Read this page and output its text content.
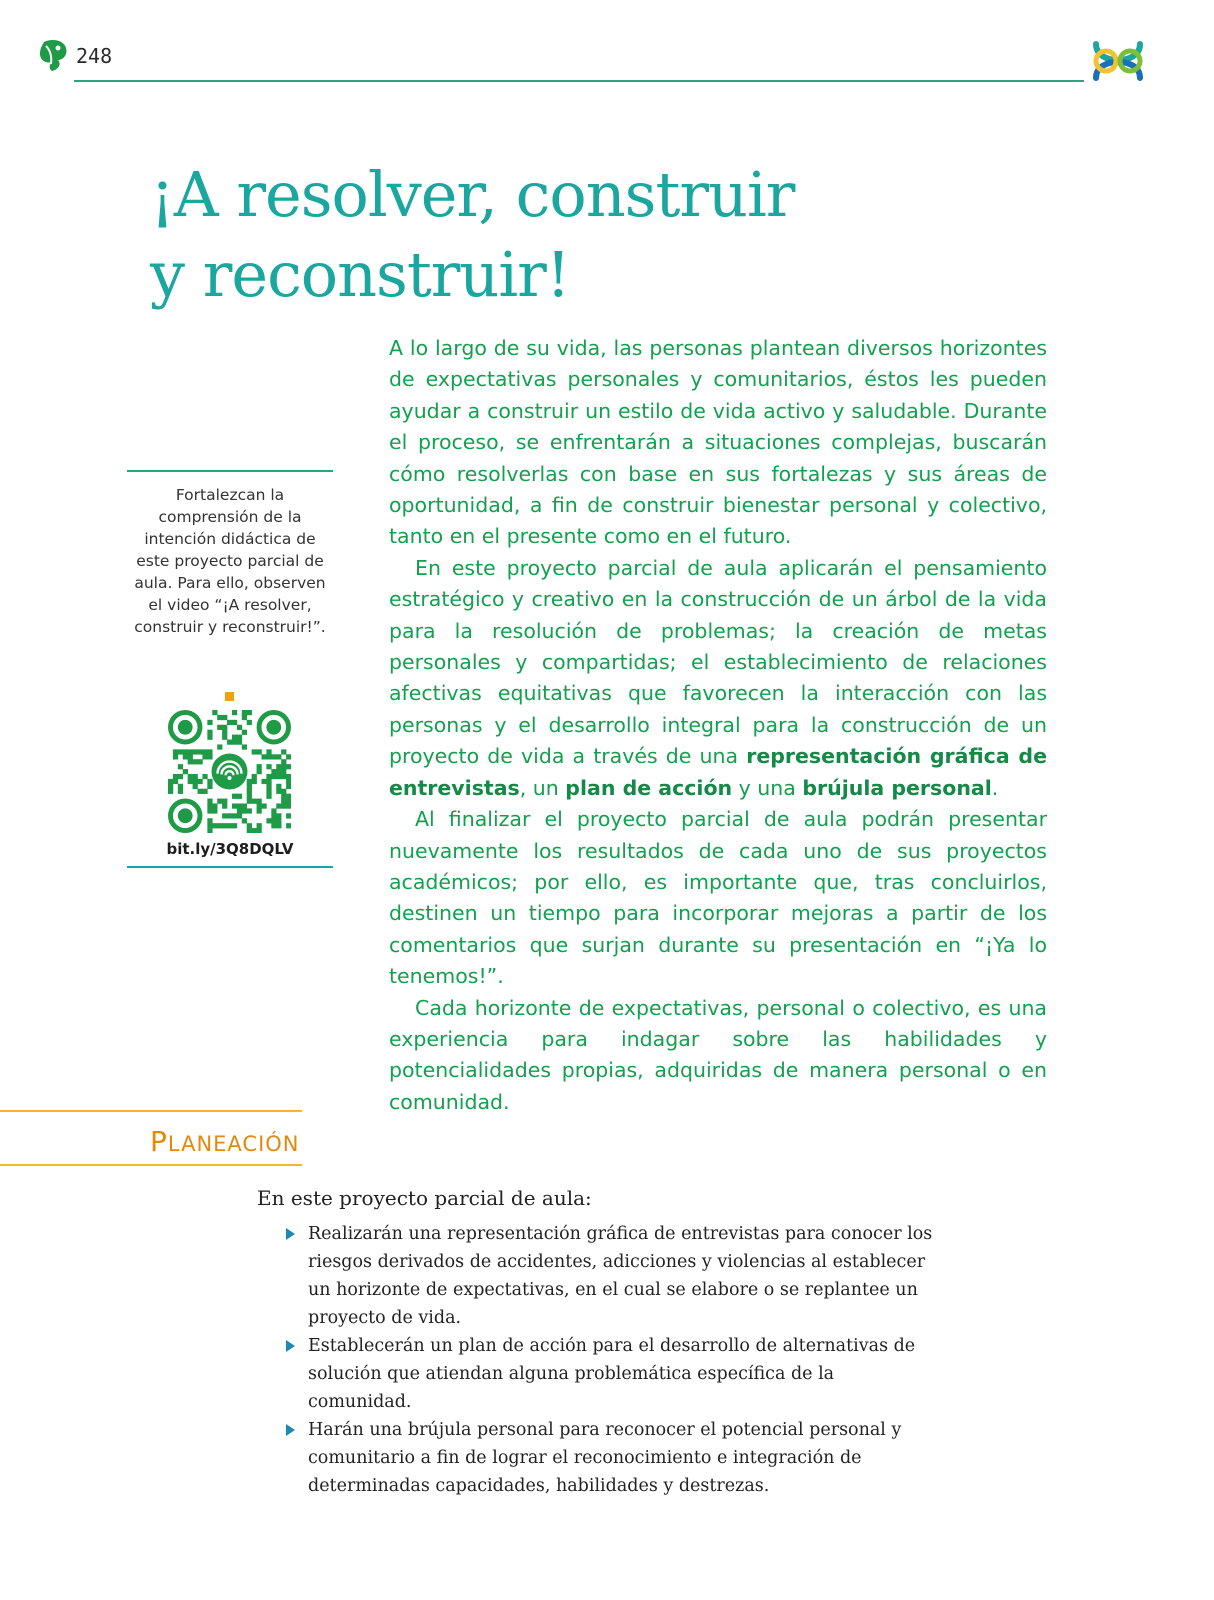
248
¡A resolver, construir
y reconstruir!

A lo largo de su vida, las personas plantean diversos horizontes de expectativas personales y comunitarios, éstos les pueden ayudar a construir un estilo de vida activo y saludable. Durante el proceso, se enfrentarán a situaciones complejas, buscarán cómo resolverlas con base en sus fortalezas y sus áreas de oportunidad, a fin de construir bienestar personal y colectivo, tanto en el presente como en el futuro.

En este proyecto parcial de aula aplicarán el pensamiento estratégico y creativo en la construcción de un árbol de la vida para la resolución de problemas; la creación de metas personales y compartidas; el establecimiento de relaciones afectivas equitativas que favorecen la interacción con las personas y el desarrollo integral para la construcción de un proyecto de vida a través de una representación gráfica de entrevistas, un plan de acción y una brújula personal.

Al finalizar el proyecto parcial de aula podrán presentar nuevamente los resultados de cada uno de sus proyectos académicos; por ello, es importante que, tras concluirlos, destinen un tiempo para incorporar mejoras a partir de los comentarios que surjan durante su presentación en “¡Ya lo tenemos!”.

Cada horizonte de expectativas, personal o colectivo, es una experiencia para indagar sobre las habilidades y potencialidades propias, adquiridas de manera personal o en comunidad.

Fortalezcan la comprensión de la intención didáctica de este proyecto parcial de aula. Para ello, observen el video “¡A resolver, construir y reconstruir!”.
bit.ly/3Q8DQLV
PLANEACIÓN
En este proyecto parcial de aula:
Realizarán una representación gráfica de entrevistas para conocer los riesgos derivados de accidentes, adicciones y violencias al establecer un horizonte de expectativas, en el cual se elabore o se replantee un proyecto de vida.
Establecerán un plan de acción para el desarrollo de alternativas de solución que atiendan alguna problemática específica de la comunidad.
Harán una brújula personal para reconocer el potencial personal y comunitario a fin de lograr el reconocimiento e integración de determinadas capacidades, habilidades y destrezas.
